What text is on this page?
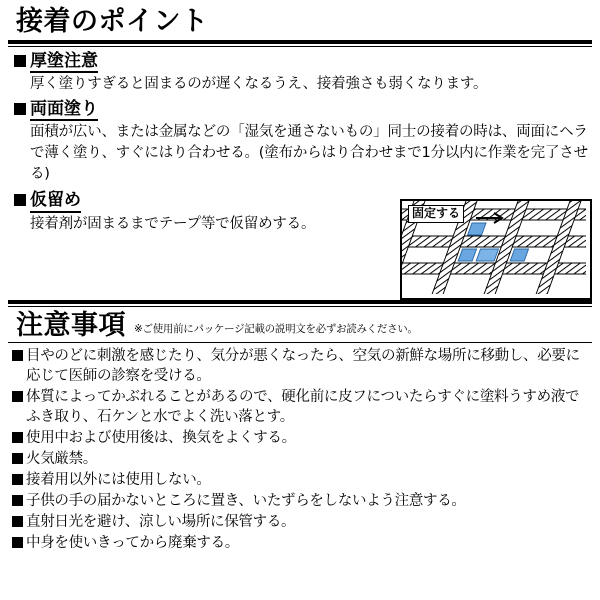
接着のポイント
厚塗注意
厚く塗りすぎると固まるのが遅くなるうえ、接着強さも弱くなります。
両面塗り
面積が広い、または金属などの「湿気を通さないもの」同士の接着の時は、両面にヘラで薄く塗り、すぐにはり合わせる。(塗布からはり合わせまで1分以内に作業を完了させる)
仮留め
接着剤が固まるまでテープ等で仮留めする。
固定する
注意事項 ※ご使用前にパッケージ記載の説明文を必ずお読みください。
目やのどに刺激を感じたり、気分が悪くなったら、空気の新鮮な場所に移動し、必要に応じて医師の診察を受ける。
体質によってかぶれることがあるので、硬化前に皮フについたらすぐに塗料うすめ液でふき取り、石ケンと水でよく洗い落とす。
使用中および使用後は、換気をよくする。
火気厳禁。
接着用以外には使用しない。
子供の手の届かないところに置き、いたずらをしないよう注意する。
直射日光を避け、涼しい場所に保管する。
中身を使いきってから廃棄する。
